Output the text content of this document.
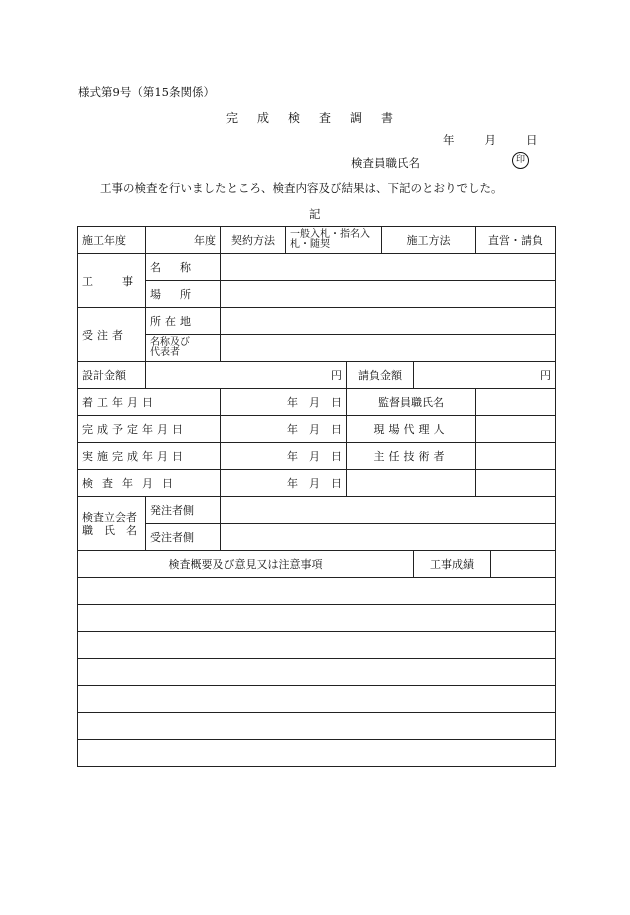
様式第9号（第15条関係）
完成検査調書
年	月	日
検査員職氏名	印
工事の検査を行いましたところ、検査内容及び結果は、下記のとおりでした。
記
施工年度	年度	契約方法	一般入札・指名入札・随契		施工方法		直営・請負	
工　事	名　称							
	場　所							
受注者	所在地							

	名称及び
代表者							

設計金額	円			請負金額		円		
着工年月日		年　月　日		監督員職氏名				
完成予定年月日		年　月　日		現場代理人				
実施完成年月日		年　月　日		主任技術者				
検査年月日		年　月　日						

検査立会者
職　氏　名	発注者側							
	受注者側							
検査概要及び意見又は注意事項						工事成績		
